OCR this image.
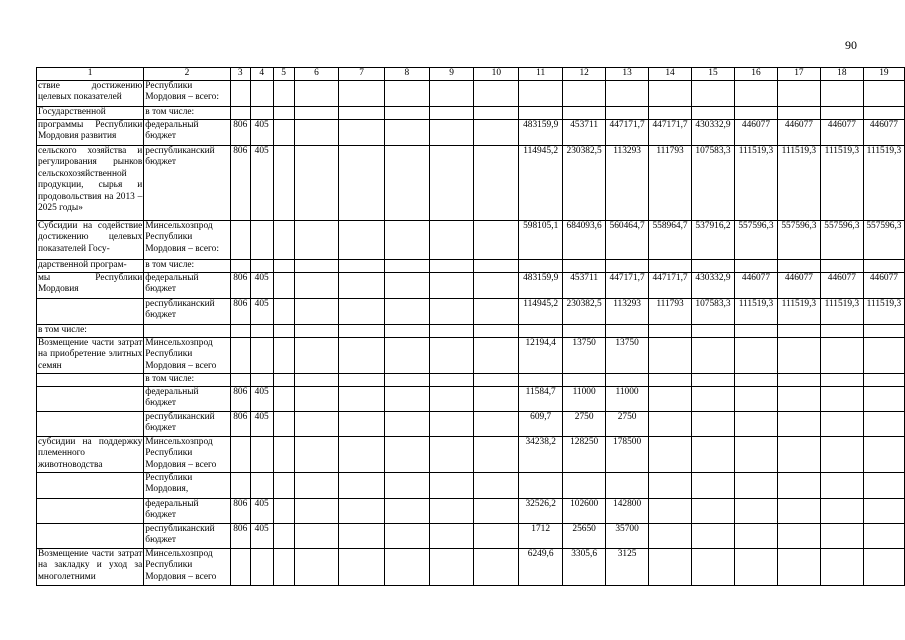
90
1	2	3	4	5	6	7	8	9	10	11	12	13	14	15	16	17	18	19
ствие достижению целевых показателей	Республики Мордовия – всего:																	
Государственной	в том числе:																	
программы Республики Мордовия развития	федеральный бюджет	806	405							483159,9	453711	447171,7	447171,7	430332,9	446077	446077	446077	446077
сельского хозяйства и регулирования рынков сельскохозяйственной продукции, сырья и продовольствия на 2013 – 2025 годы»	республиканский бюджет	806	405							114945,2	230382,5	113293	111793	107583,3	111519,3	111519,3	111519,3	111519,3
Субсидии на содействие достижению целевых показателей Госу-	Минсельхозпрод Республики Мордовия – всего:									598105,1	684093,6	560464,7	558964,7	537916,2	557596,3	557596,3	557596,3	557596,3
дарственной програм-	в том числе:																	
мы Республики Мордовия	федеральный бюджет	806	405							483159,9	453711	447171,7	447171,7	430332,9	446077	446077	446077	446077
	республиканский бюджет	806	405							114945,2	230382,5	113293	111793	107583,3	111519,3	111519,3	111519,3	111519,3
в том числе:																		
Возмещение части затрат на приобретение элитных семян	Минсельхозпрод Республики Мордовия – всего									12194,4	13750	13750						
	в том числе:																	
	федеральный бюджет	806	405							11584,7	11000	11000						
	республиканский бюджет	806	405							609,7	2750	2750						
субсидии на поддержку племенного животноводства	Минсельхозпрод Республики Мордовия – всего									34238,2	128250	178500						
	Республики Мордовия,																	
	федеральный бюджет	806	405							32526,2	102600	142800						
	республиканский бюджет	806	405							1712	25650	35700						
Возмещение части затрат на закладку и уход за многолетними	Минсельхозпрод Республики Мордовия – всего									6249,6	3305,6	3125						
